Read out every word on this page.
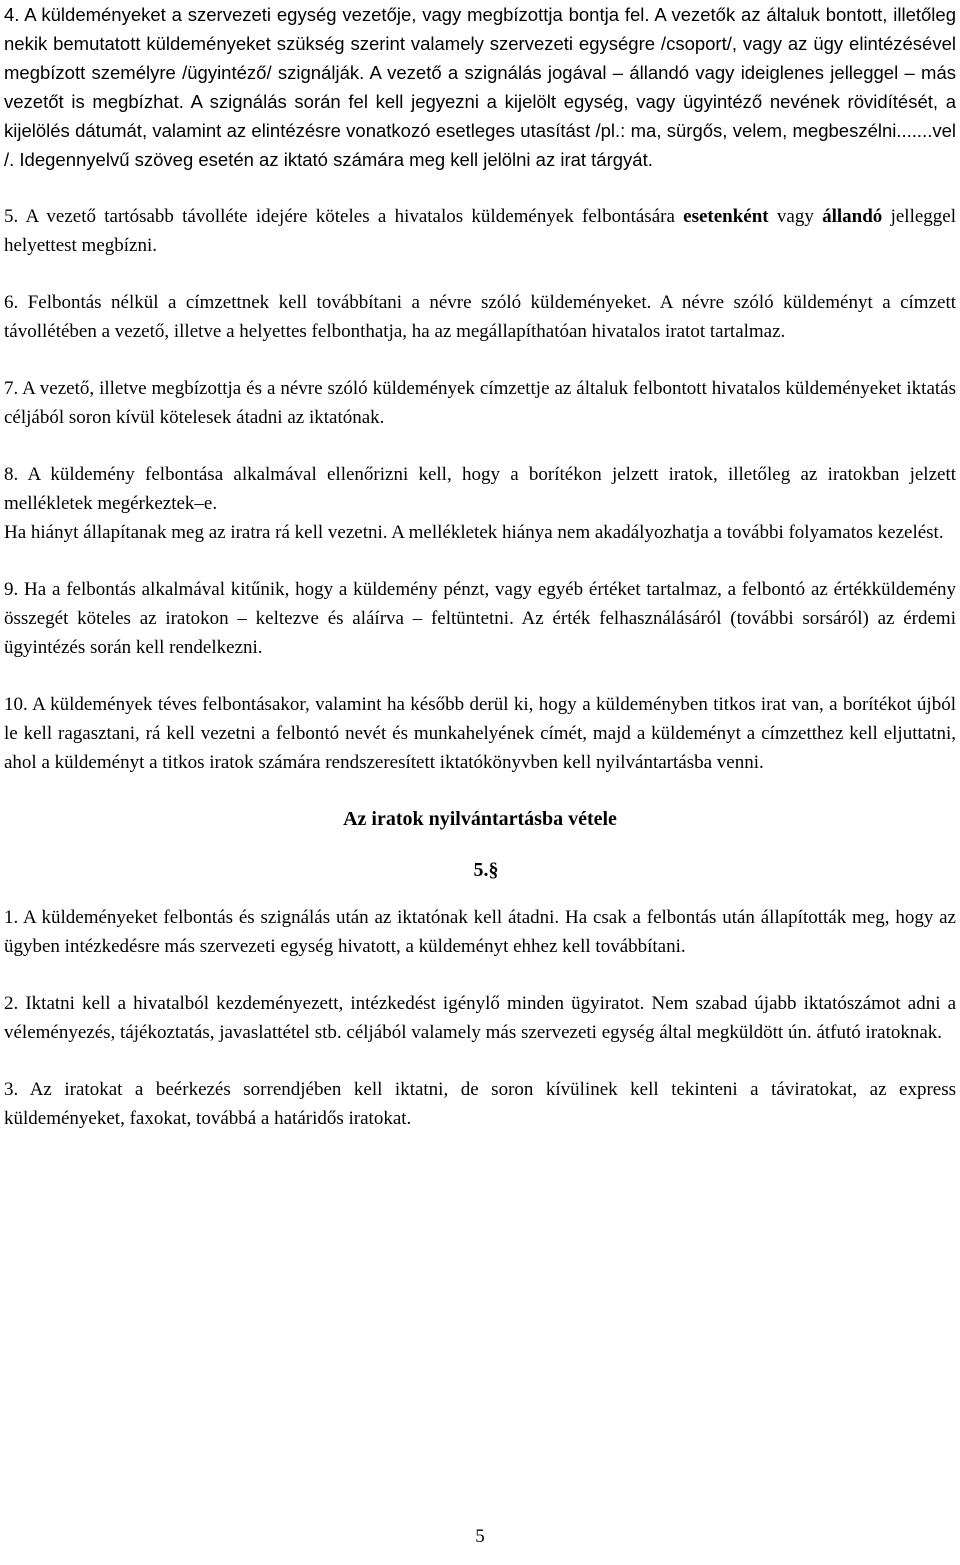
4. A küldeményeket a szervezeti egység vezetője, vagy megbízottja bontja fel. A vezetők az általuk bontott, illetőleg nekik bemutatott küldeményeket szükség szerint valamely szervezeti egységre /csoport/, vagy az ügy elintézésével megbízott személyre /ügyintéző/ szignálják. A vezető a szignálás jogával – állandó vagy ideiglenes jelleggel – más vezetőt is megbízhat. A szignálás során fel kell jegyezni a kijelölt egység, vagy ügyintéző nevének rövidítését, a kijelölés dátumát, valamint az elintézésre vonatkozó esetleges utasítást /pl.: ma, sürgős, velem, megbeszélni.......vel /. Idegennyelvű szöveg esetén az iktató számára meg kell jelölni az irat tárgyát.

5. A vezető tartósabb távolléte idejére köteles a hivatalos küldemények felbontására esetenként vagy állandó jelleggel helyettest megbízni.

6. Felbontás nélkül a címzettnek kell továbbítani a névre szóló küldeményeket. A névre szóló küldeményt a címzett távollétében a vezető, illetve a helyettes felbonthatja, ha az megállapíthatóan hivatalos iratot tartalmaz.

7. A vezető, illetve megbízottja és a névre szóló küldemények címzettje az általuk felbontott hivatalos küldeményeket iktatás céljából soron kívül kötelesek átadni az iktatónak.

8. A küldemény felbontása alkalmával ellenőrizni kell, hogy a borítékon jelzett iratok, illetőleg az iratokban jelzett mellékletek megérkeztek–e.

Ha hiányt állapítanak meg az iratra rá kell vezetni. A mellékletek hiánya nem akadályozhatja a további folyamatos kezelést.

9. Ha a felbontás alkalmával kitűnik, hogy a küldemény pénzt, vagy egyéb értéket tartalmaz, a felbontó az értékküldemény összegét köteles az iratokon – keltezve és aláírva – feltüntetni. Az érték felhasználásáról (további sorsáról) az érdemi ügyintézés során kell rendelkezni.

10. A küldemények téves felbontásakor, valamint ha később derül ki, hogy a küldeményben titkos irat van, a borítékot újból le kell ragasztani, rá kell vezetni a felbontó nevét és munkahelyének címét, majd a küldeményt a címzetthez kell eljuttatni, ahol a küldeményt a titkos iratok számára rendszeresített iktatókönyvben kell nyilvántartásba venni.

Az iratok nyilvántartásba vétele

5.§

1. A küldeményeket felbontás és szignálás után az iktatónak kell átadni. Ha csak a felbontás után állapították meg, hogy az ügyben intézkedésre más szervezeti egység hivatott, a küldeményt ehhez kell továbbítani.

2. Iktatni kell a hivatalból kezdeményezett, intézkedést igénylő minden ügyiratot. Nem szabad újabb iktatószámot adni a véleményezés, tájékoztatás, javaslattétel stb. céljából valamely más szervezeti egység által megküldött ún. átfutó iratoknak.

3. Az iratokat a beérkezés sorrendjében kell iktatni, de soron kívülinek kell tekinteni a táviratokat, az express küldeményeket, faxokat, továbbá a határidős iratokat.

5
